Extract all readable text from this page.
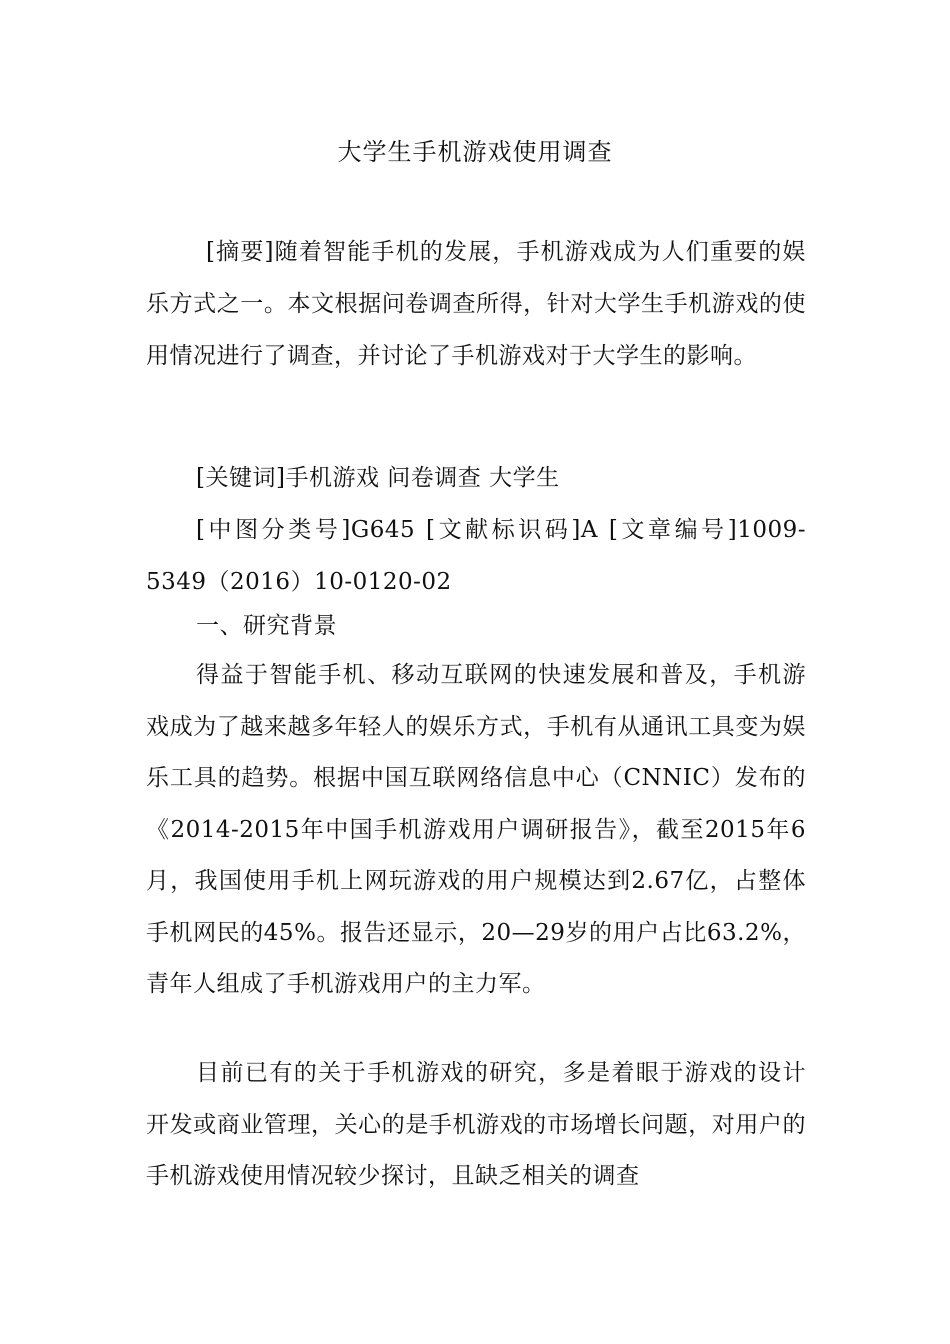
大学生手机游戏使用调查

[摘要]随着智能手机的发展，手机游戏成为人们重要的娱乐方式之一。本文根据问卷调查所得，针对大学生手机游戏的使用情况进行了调查，并讨论了手机游戏对于大学生的影响。

[关键词]手机游戏 问卷调查 大学生

[中图分类号]G645 [文献标识码]A [文章编号]1009-5349（2016）10-0120-02

一、研究背景

得益于智能手机、移动互联网的快速发展和普及，手机游戏成为了越来越多年轻人的娱乐方式，手机有从通讯工具变为娱乐工具的趋势。根据中国互联网络信息中心（CNNIC）发布的《2014-2015年中国手机游戏用户调研报告》，截至2015年6月，我国使用手机上网玩游戏的用户规模达到2.67亿，占整体手机网民的45%。报告还显示，20—29岁的用户占比63.2%，青年人组成了手机游戏用户的主力军。

目前已有的关于手机游戏的研究，多是着眼于游戏的设计开发或商业管理，关心的是手机游戏的市场增长问题，对用户的手机游戏使用情况较少探讨，且缺乏相关的调查
